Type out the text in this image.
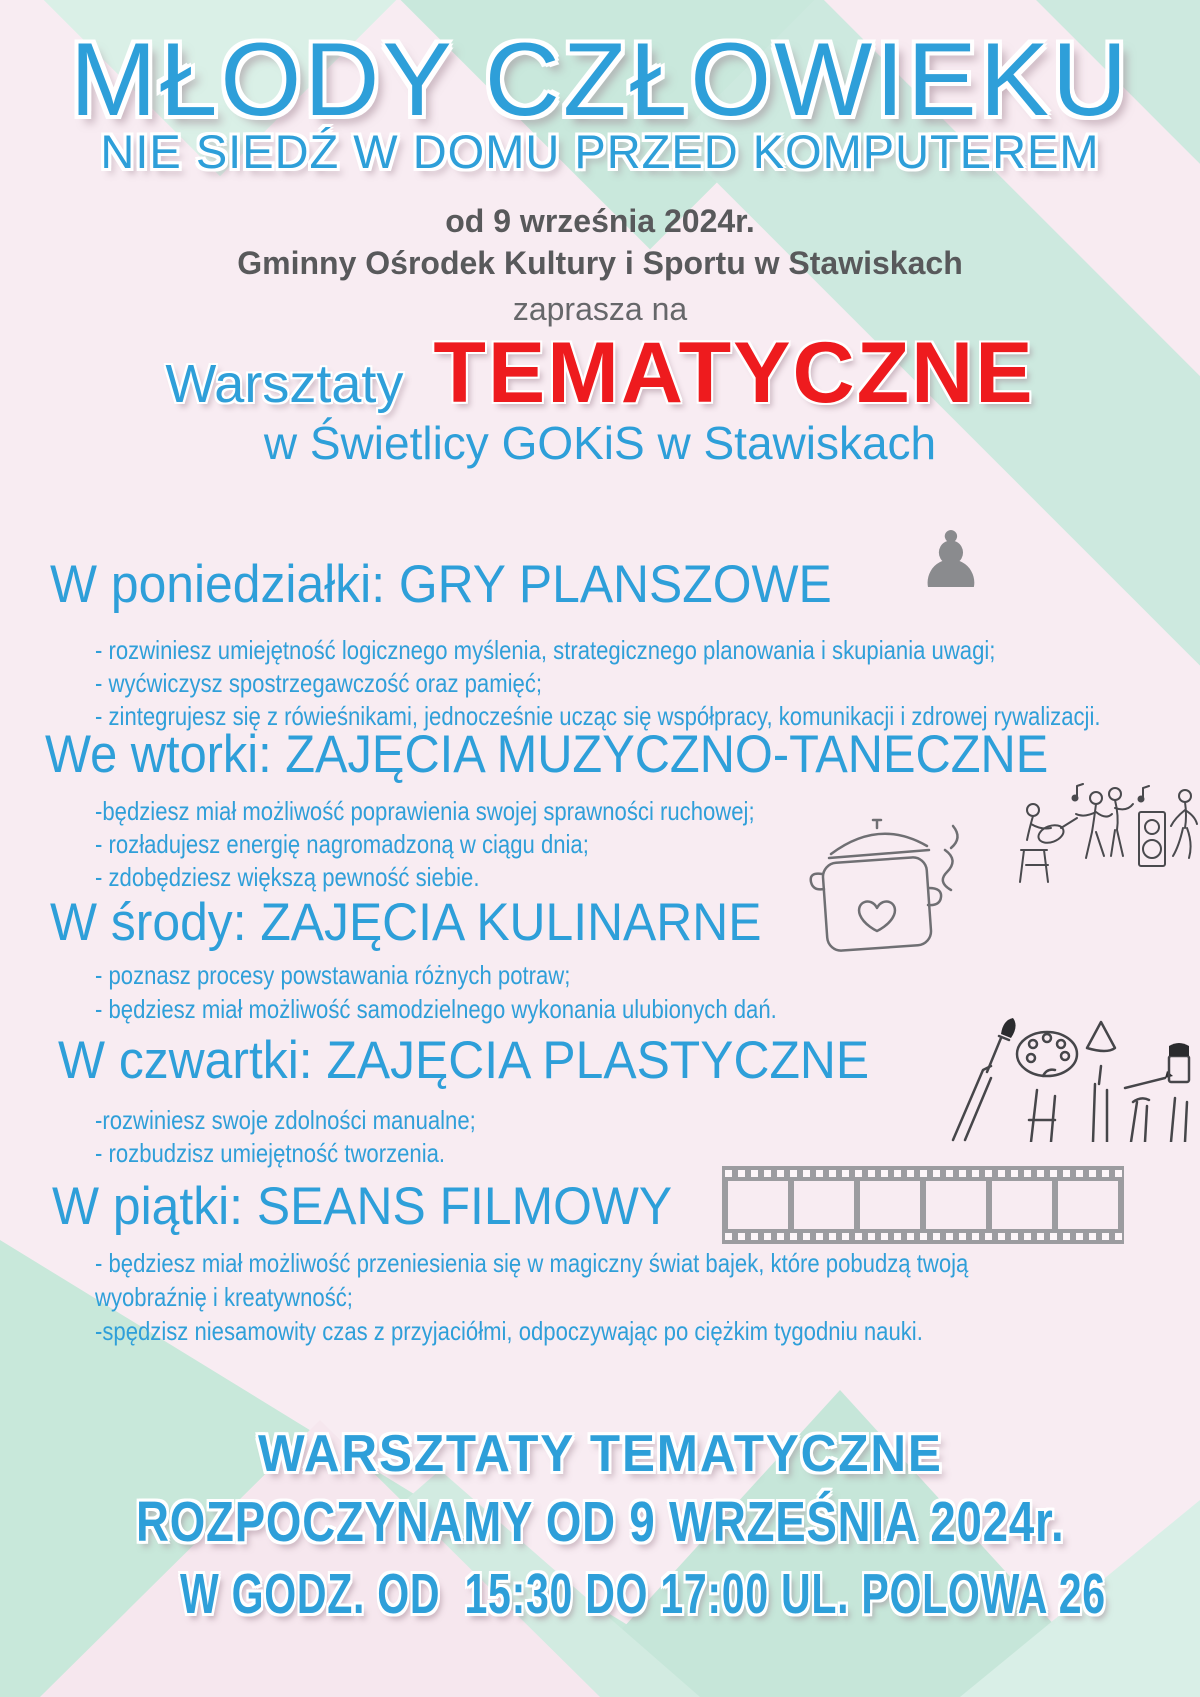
MŁODY CZŁOWIEKU
NIE SIEDŹ W DOMU PRZED KOMPUTEREM
od 9 września 2024r.
Gminny Ośrodek Kultury i Sportu w Stawiskach
zaprasza na
Warsztaty TEMATYCZNE
w Świetlicy GOKiS w Stawiskach
W poniedziałki: GRY PLANSZOWE ♟
- rozwiniesz umiejętność logicznego myślenia, strategicznego planowania i skupiania uwagi;
- wyćwiczysz spostrzegawczość oraz pamięć;
- zintegrujesz się z rówieśnikami, jednocześnie ucząc się współpracy, komunikacji i zdrowej rywalizacji.
We wtorki: ZAJĘCIA MUZYCZNO-TANECZNE
-będziesz miał możliwość poprawienia swojej sprawności ruchowej;
- rozładujesz energię nagromadzoną w ciągu dnia;
- zdobędziesz większą pewność siebie.
W środy: ZAJĘCIA KULINARNE
- poznasz procesy powstawania różnych potraw;
- będziesz miał możliwość samodzielnego wykonania ulubionych dań.
W czwartki: ZAJĘCIA PLASTYCZNE
-rozwiniesz swoje zdolności manualne;
- rozbudzisz umiejętność tworzenia.
W piątki: SEANS FILMOWY
- będziesz miał możliwość przeniesienia się w magiczny świat bajek, które pobudzą twoją
wyobraźnię i kreatywność;
-spędzisz niesamowity czas z przyjaciółmi, odpoczywając po ciężkim tygodniu nauki.
WARSZTATY TEMATYCZNE
ROZPOCZYNAMY OD 9 WRZEŚNIA 2024r.
W GODZ. OD  15:30 DO 17:00 UL. POLOWA 26
